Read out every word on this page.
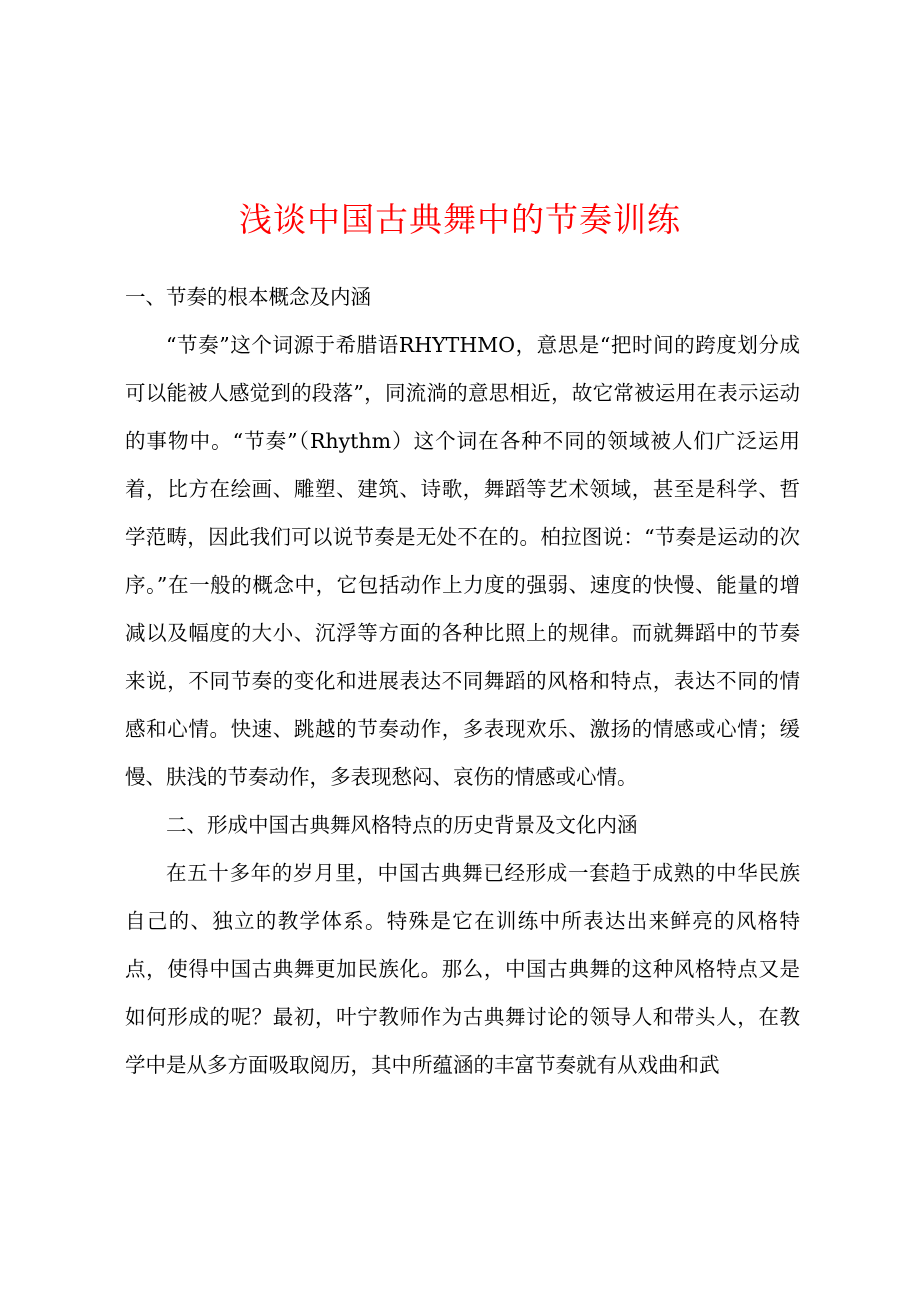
浅谈中国古典舞中的节奏训练

一、节奏的根本概念及内涵

“节奏”这个词源于希腊语RHYTHMO，意思是“把时间的跨度划分成可以能被人感觉到的段落”，同流淌的意思相近，故它常被运用在表示运动的事物中。“节奏”（Rhythm）这个词在各种不同的领域被人们广泛运用着，比方在绘画、雕塑、建筑、诗歌，舞蹈等艺术领域，甚至是科学、哲学范畴，因此我们可以说节奏是无处不在的。柏拉图说：“节奏是运动的次序。”在一般的概念中，它包括动作上力度的强弱、速度的快慢、能量的增减以及幅度的大小、沉浮等方面的各种比照上的规律。而就舞蹈中的节奏来说，不同节奏的变化和进展表达不同舞蹈的风格和特点，表达不同的情感和心情。快速、跳越的节奏动作，多表现欢乐、激扬的情感或心情；缓慢、肤浅的节奏动作，多表现愁闷、哀伤的情感或心情。

二、形成中国古典舞风格特点的历史背景及文化内涵

在五十多年的岁月里，中国古典舞已经形成一套趋于成熟的中华民族自己的、独立的教学体系。特殊是它在训练中所表达出来鲜亮的风格特点，使得中国古典舞更加民族化。那么，中国古典舞的这种风格特点又是如何形成的呢？最初，叶宁教师作为古典舞讨论的领导人和带头人，在教学中是从多方面吸取阅历，其中所蕴涵的丰富节奏就有从戏曲和武
